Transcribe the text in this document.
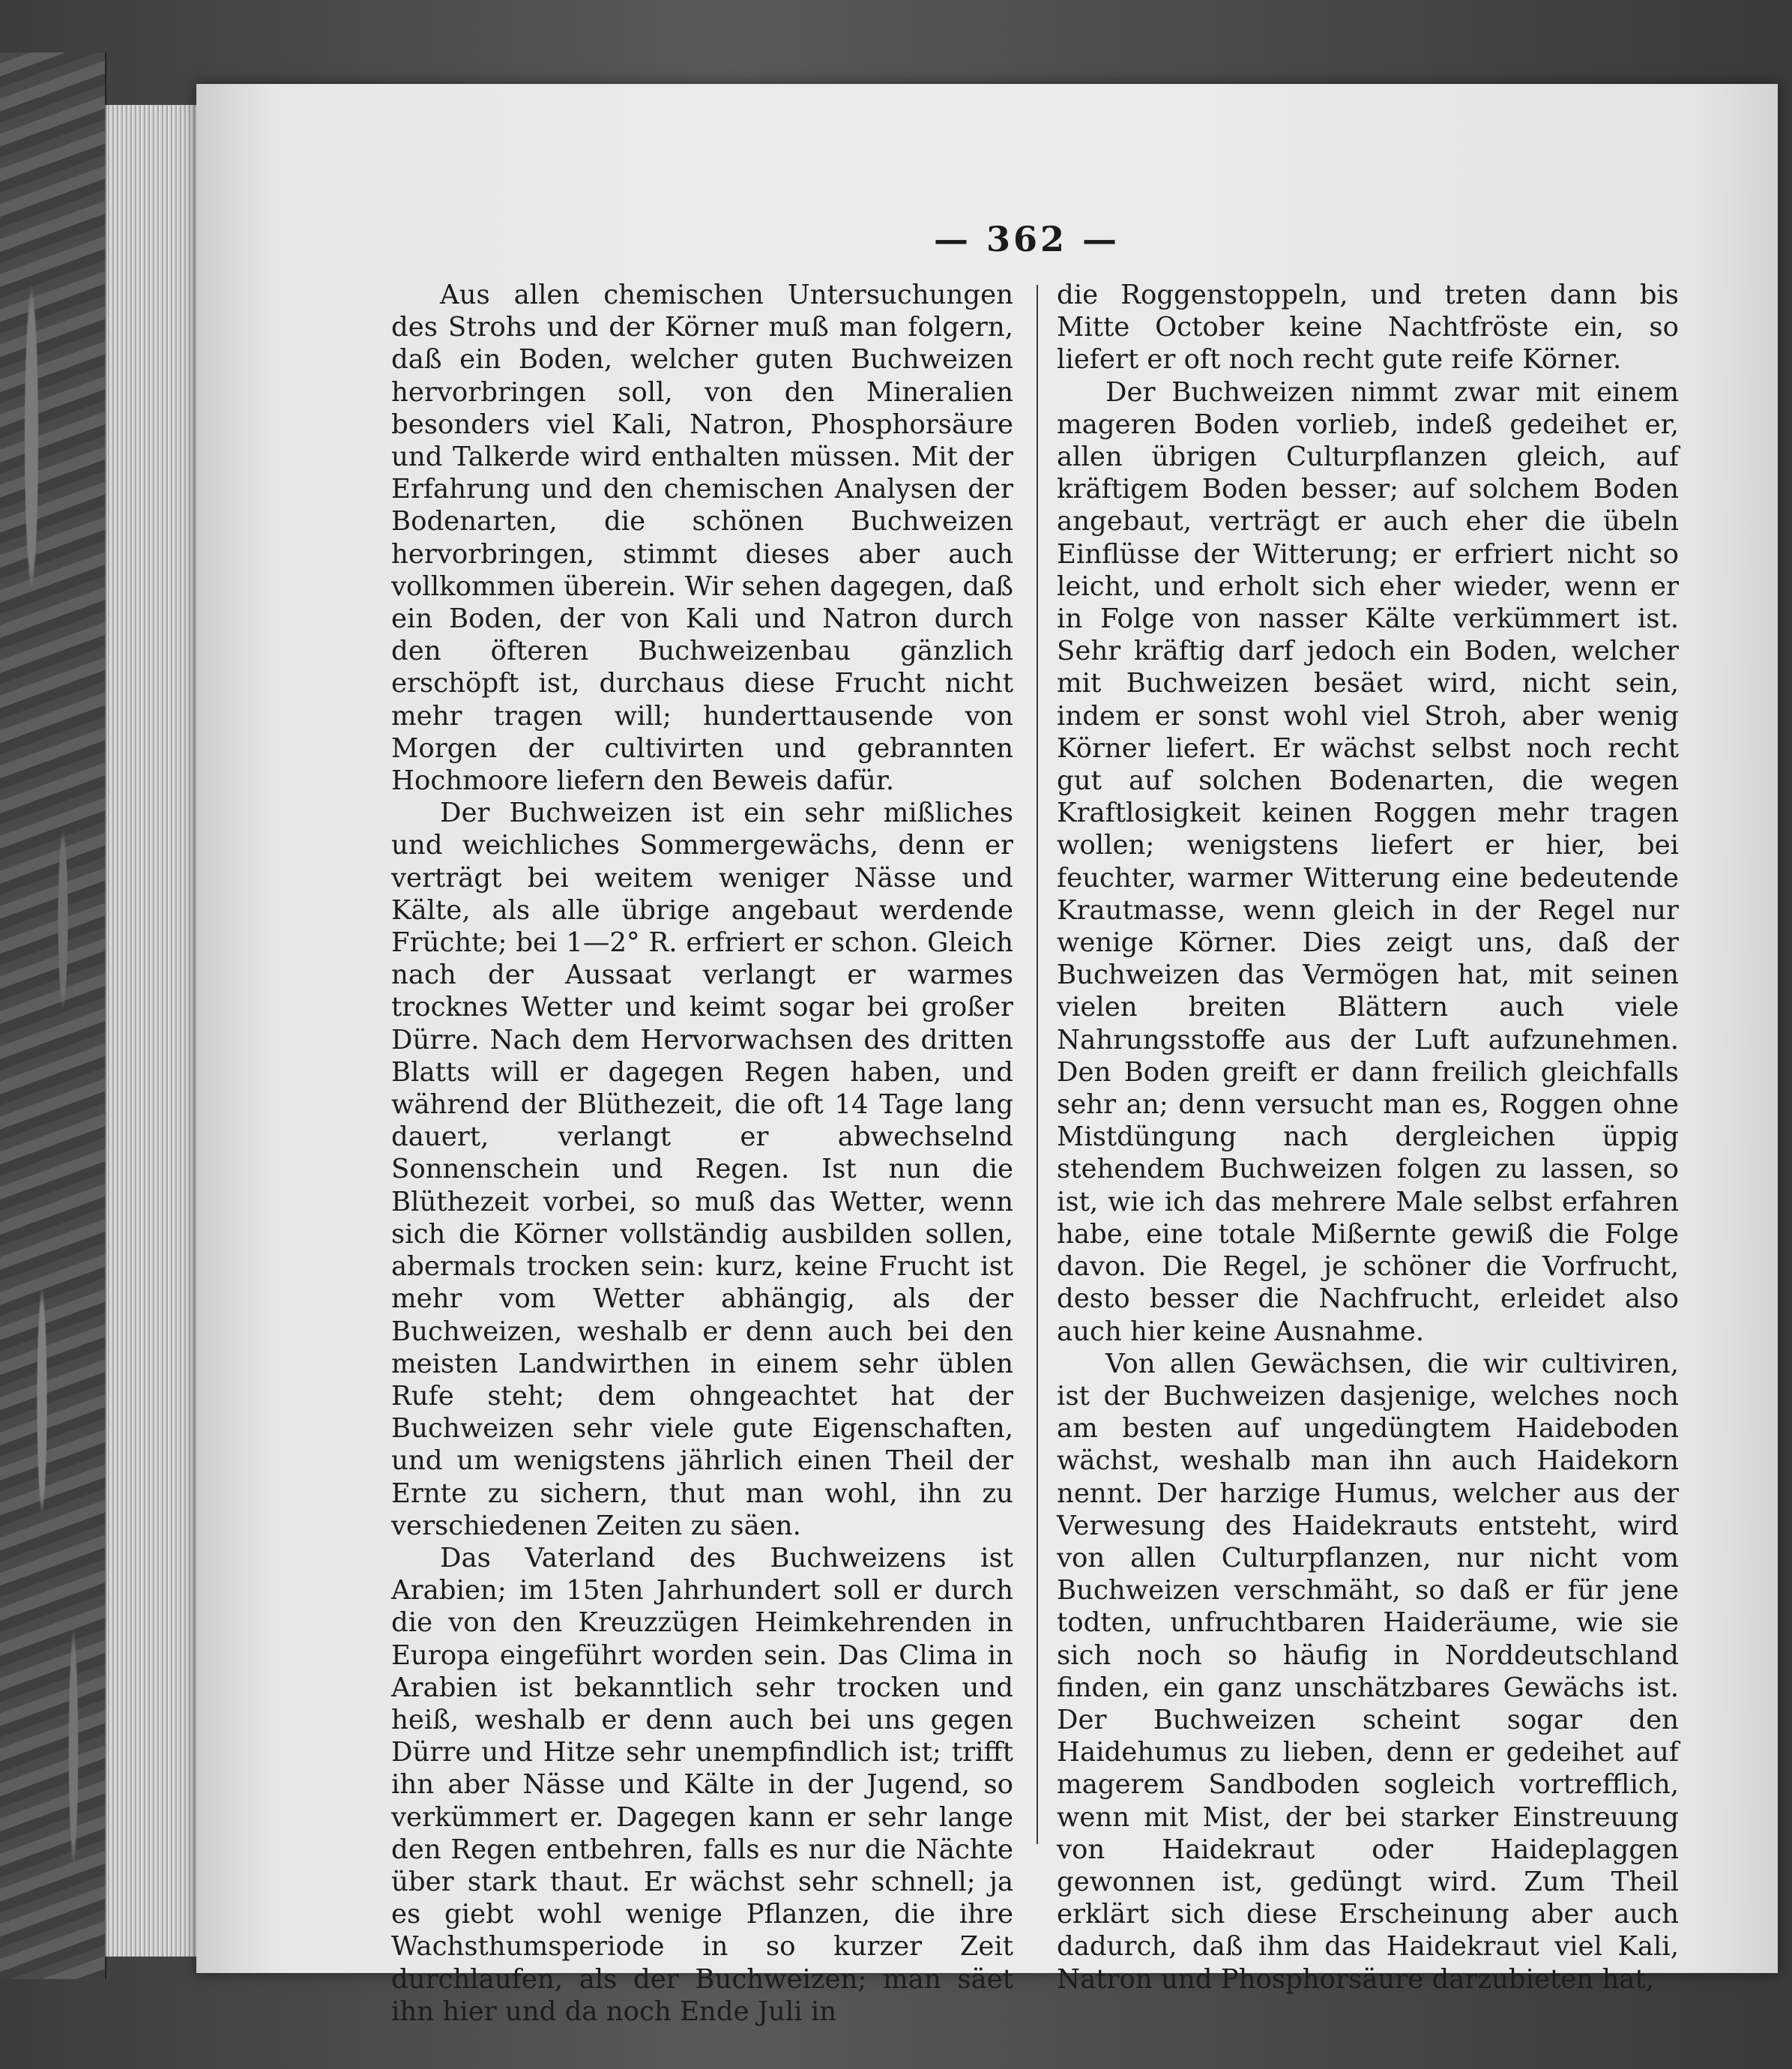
— 362 —

Aus allen chemischen Untersuchungen des Strohs und der Körner muß man folgern, daß ein Boden, welcher guten Buchweizen hervorbringen soll, von den Mineralien besonders viel Kali, Natron, Phosphorsäure und Talkerde wird enthalten müssen. Mit der Erfahrung und den chemischen Analysen der Bodenarten, die schönen Buchweizen hervorbringen, stimmt dieses aber auch vollkommen überein. Wir sehen dagegen, daß ein Boden, der von Kali und Natron durch den öfteren Buchweizenbau gänzlich erschöpft ist, durchaus diese Frucht nicht mehr tragen will; hunderttausende von Morgen der cultivirten und gebrannten Hochmoore liefern den Beweis dafür.

Der Buchweizen ist ein sehr mißliches und weichliches Sommergewächs, denn er verträgt bei weitem weniger Nässe und Kälte, als alle übrige angebaut werdende Früchte; bei 1—2° R. erfriert er schon. Gleich nach der Aussaat verlangt er warmes trocknes Wetter und keimt sogar bei großer Dürre. Nach dem Hervorwachsen des dritten Blatts will er dagegen Regen haben, und während der Blüthezeit, die oft 14 Tage lang dauert, verlangt er abwechselnd Sonnenschein und Regen. Ist nun die Blüthezeit vorbei, so muß das Wetter, wenn sich die Körner vollständig ausbilden sollen, abermals trocken sein: kurz, keine Frucht ist mehr vom Wetter abhängig, als der Buchweizen, weshalb er denn auch bei den meisten Landwirthen in einem sehr üblen Rufe steht; dem ohngeachtet hat der Buchweizen sehr viele gute Eigenschaften, und um wenigstens jährlich einen Theil der Ernte zu sichern, thut man wohl, ihn zu verschiedenen Zeiten zu säen.

Das Vaterland des Buchweizens ist Arabien; im 15ten Jahrhundert soll er durch die von den Kreuzzügen Heimkehrenden in Europa eingeführt worden sein. Das Clima in Arabien ist bekanntlich sehr trocken und heiß, weshalb er denn auch bei uns gegen Dürre und Hitze sehr unempfindlich ist; trifft ihn aber Nässe und Kälte in der Jugend, so verkümmert er. Dagegen kann er sehr lange den Regen entbehren, falls es nur die Nächte über stark thaut. Er wächst sehr schnell; ja es giebt wohl wenige Pflanzen, die ihre Wachsthumsperiode in so kurzer Zeit durchlaufen, als der Buchweizen; man säet ihn hier und da noch Ende Juli in

die Roggenstoppeln, und treten dann bis Mitte October keine Nachtfröste ein, so liefert er oft noch recht gute reife Körner.

Der Buchweizen nimmt zwar mit einem mageren Boden vorlieb, indeß gedeihet er, allen übrigen Culturpflanzen gleich, auf kräftigem Boden besser; auf solchem Boden angebaut, verträgt er auch eher die übeln Einflüsse der Witterung; er erfriert nicht so leicht, und erholt sich eher wieder, wenn er in Folge von nasser Kälte verkümmert ist. Sehr kräftig darf jedoch ein Boden, welcher mit Buchweizen besäet wird, nicht sein, indem er sonst wohl viel Stroh, aber wenig Körner liefert. Er wächst selbst noch recht gut auf solchen Bodenarten, die wegen Kraftlosigkeit keinen Roggen mehr tragen wollen; wenigstens liefert er hier, bei feuchter, warmer Witterung eine bedeutende Krautmasse, wenn gleich in der Regel nur wenige Körner. Dies zeigt uns, daß der Buchweizen das Vermögen hat, mit seinen vielen breiten Blättern auch viele Nahrungsstoffe aus der Luft aufzunehmen. Den Boden greift er dann freilich gleichfalls sehr an; denn versucht man es, Roggen ohne Mistdüngung nach dergleichen üppig stehendem Buchweizen folgen zu lassen, so ist, wie ich das mehrere Male selbst erfahren habe, eine totale Mißernte gewiß die Folge davon. Die Regel, je schöner die Vorfrucht, desto besser die Nachfrucht, erleidet also auch hier keine Ausnahme.

Von allen Gewächsen, die wir cultiviren, ist der Buchweizen dasjenige, welches noch am besten auf ungedüngtem Haideboden wächst, weshalb man ihn auch Haidekorn nennt. Der harzige Humus, welcher aus der Verwesung des Haidekrauts entsteht, wird von allen Culturpflanzen, nur nicht vom Buchweizen verschmäht, so daß er für jene todten, unfruchtbaren Haideräume, wie sie sich noch so häufig in Norddeutschland finden, ein ganz unschätzbares Gewächs ist. Der Buchweizen scheint sogar den Haidehumus zu lieben, denn er gedeihet auf magerem Sandboden sogleich vortrefflich, wenn mit Mist, der bei starker Einstreuung von Haidekraut oder Haideplaggen gewonnen ist, gedüngt wird. Zum Theil erklärt sich diese Erscheinung aber auch dadurch, daß ihm das Haidekraut viel Kali, Natron und Phosphorsäure darzubieten hat,
